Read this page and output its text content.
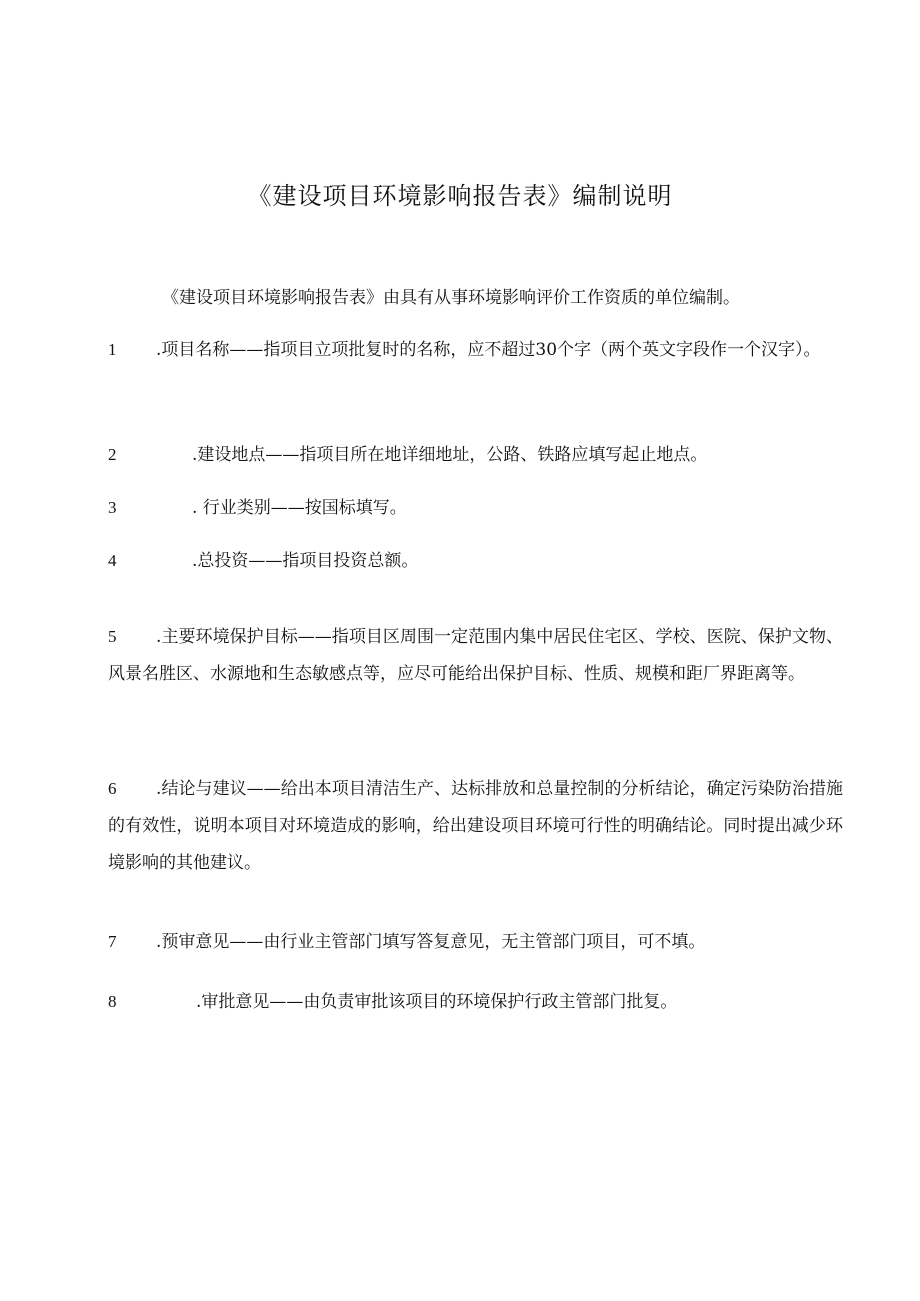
《建设项目环境影响报告表》编制说明

《建设项目环境影响报告表》由具有从事环境影响评价工作资质的单位编制。

1 .项目名称——指项目立项批复时的名称，应不超过30个字（两个英文字段作一个汉字）。

2	.建设地点——指项目所在地详细地址，公路、铁路应填写起止地点。

3	. 行业类别——按国标填写。

4	.总投资——指项目投资总额。

5 .主要环境保护目标——指项目区周围一定范围内集中居民住宅区、学校、医院、保护文物、风景名胜区、水源地和生态敏感点等，应尽可能给出保护目标、性质、规模和距厂界距离等。

6 .结论与建议——给出本项目清洁生产、达标排放和总量控制的分析结论，确定污染防治措施的有效性，说明本项目对环境造成的影响，给出建设项目环境可行性的明确结论。同时提出减少环境影响的其他建议。

7 .预审意见——由行业主管部门填写答复意见，无主管部门项目，可不填。

8	.审批意见——由负责审批该项目的环境保护行政主管部门批复。
